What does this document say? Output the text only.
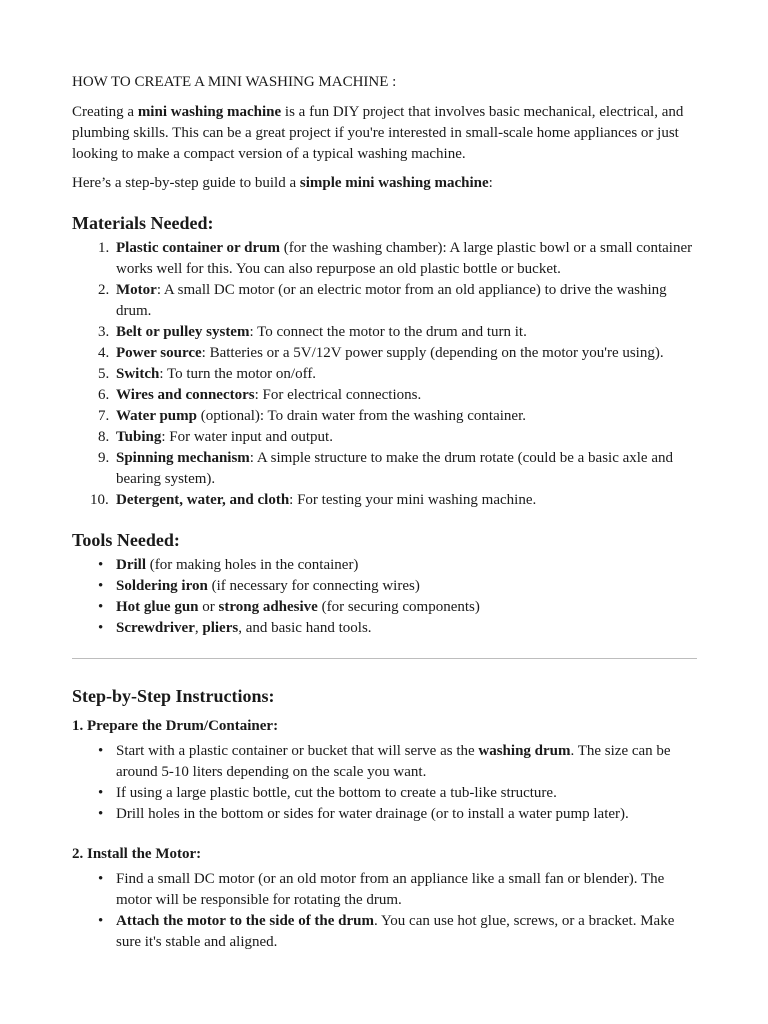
HOW TO CREATE A MINI WASHING MACHINE :

Creating a mini washing machine is a fun DIY project that involves basic mechanical, electrical, and plumbing skills. This can be a great project if you're interested in small-scale home appliances or just looking to make a compact version of a typical washing machine.

Here’s a step-by-step guide to build a simple mini washing machine:

Materials Needed:
1. Plastic container or drum (for the washing chamber): A large plastic bowl or a small container works well for this. You can also repurpose an old plastic bottle or bucket.
2. Motor: A small DC motor (or an electric motor from an old appliance) to drive the washing drum.
3. Belt or pulley system: To connect the motor to the drum and turn it.
4. Power source: Batteries or a 5V/12V power supply (depending on the motor you're using).
5. Switch: To turn the motor on/off.
6. Wires and connectors: For electrical connections.
7. Water pump (optional): To drain water from the washing container.
8. Tubing: For water input and output.
9. Spinning mechanism: A simple structure to make the drum rotate (could be a basic axle and bearing system).
10. Detergent, water, and cloth: For testing your mini washing machine.
Tools Needed:
• Drill (for making holes in the container)
• Soldering iron (if necessary for connecting wires)
• Hot glue gun or strong adhesive (for securing components)
• Screwdriver, pliers, and basic hand tools.
Step-by-Step Instructions:
1. Prepare the Drum/Container:
• Start with a plastic container or bucket that will serve as the washing drum. The size can be around 5-10 liters depending on the scale you want.
• If using a large plastic bottle, cut the bottom to create a tub-like structure.
• Drill holes in the bottom or sides for water drainage (or to install a water pump later).
2. Install the Motor:
• Find a small DC motor (or an old motor from an appliance like a small fan or blender). The motor will be responsible for rotating the drum.
• Attach the motor to the side of the drum. You can use hot glue, screws, or a bracket. Make sure it's stable and aligned.
